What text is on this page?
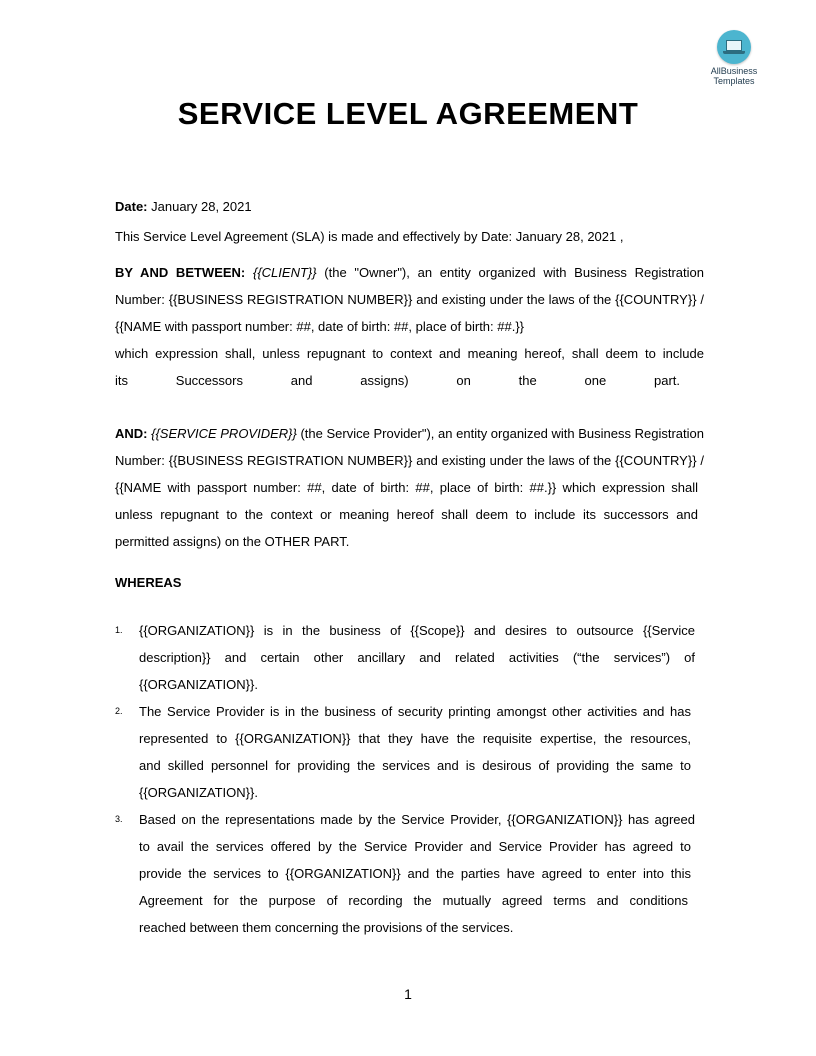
AllBusiness
Templates
SERVICE LEVEL AGREEMENT
Date: January 28, 2021
This Service Level Agreement (SLA) is made and effectively by Date: January 28, 2021 ,
BY AND BETWEEN: {{CLIENT}} (the "Owner"), an entity organized with Business Registration
Number: {{BUSINESS REGISTRATION NUMBER}} and existing under the laws of the {{COUNTRY}} /
{{NAME with passport number: ##, date of birth: ##, place of birth: ##.}}
which expression shall, unless repugnant to context and meaning hereof, shall deem to include
its Successors and assigns) on the one part.
AND: {{SERVICE PROVIDER}} (the Service Provider"), an entity organized with Business Registration
Number: {{BUSINESS REGISTRATION NUMBER}} and existing under the laws of the {{COUNTRY}} /
{{NAME with passport number: ##, date of birth: ##, place of birth: ##.}} which expression shall
unless repugnant to the context or meaning hereof shall deem to include its successors and
permitted assigns) on the OTHER PART.
WHEREAS
1. {{ORGANIZATION}} is in the business of {{Scope}} and desires to outsource {{Service
description}} and certain other ancillary and related activities (“the services”) of
{{ORGANIZATION}}.
2. The Service Provider is in the business of security printing amongst other activities and has
represented to {{ORGANIZATION}} that they have the requisite expertise, the resources,
and skilled personnel for providing the services and is desirous of providing the same to
{{ORGANIZATION}}.
3. Based on the representations made by the Service Provider, {{ORGANIZATION}} has agreed
to avail the services offered by the Service Provider and Service Provider has agreed to
provide the services to {{ORGANIZATION}} and the parties have agreed to enter into this
Agreement for the purpose of recording the mutually agreed terms and conditions
reached between them concerning the provisions of the services.
1
